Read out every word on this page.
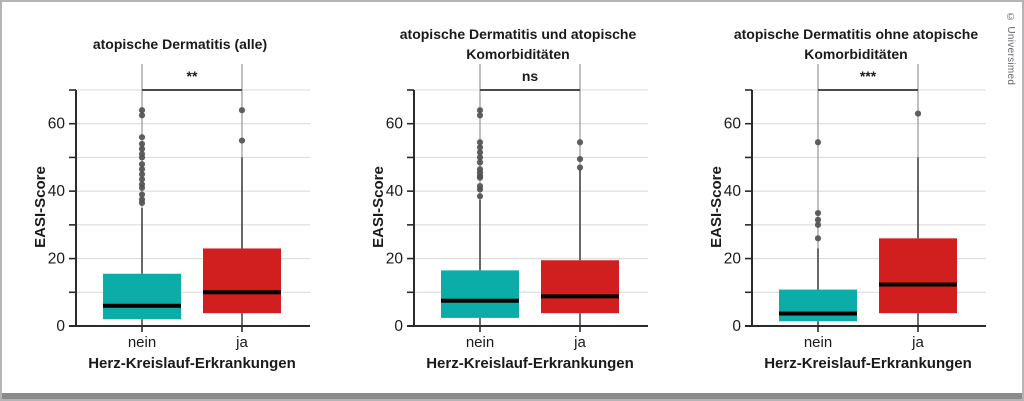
0
20
40
60
atopische Dermatitis (alle)
**
EASI-Score
nein	ja
Herz-Kreislauf-Erkrankungen
0
20
40
60
atopische Dermatitis und atopische
Komorbiditäten
ns
EASI-Score
nein	ja
Herz-Kreislauf-Erkrankungen
0
20
40
60
atopische Dermatitis ohne atopische
Komorbiditäten
***
EASI-Score
nein	ja
Herz-Kreislauf-Erkrankungen
© Universimed
